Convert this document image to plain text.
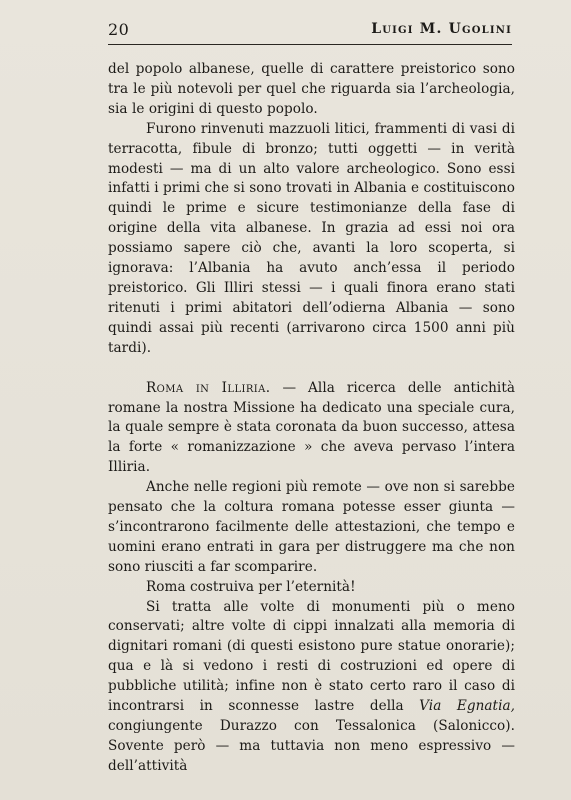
20	Luigi M. Ugolini

del popolo albanese, quelle di carattere preistorico sono tra le più notevoli per quel che riguarda sia l’archeologia, sia le origini di questo popolo.

Furono rinvenuti mazzuoli litici, frammenti di vasi di terracotta, fibule di bronzo; tutti oggetti — in verità modesti — ma di un alto valore archeologico. Sono essi infatti i primi che si sono trovati in Albania e costituiscono quindi le prime e sicure testimonianze della fase di origine della vita albanese. In grazia ad essi noi ora possiamo sapere ciò che, avanti la loro scoperta, si ignorava: l’Albania ha avuto anch’essa il periodo preistorico. Gli Illiri stessi — i quali finora erano stati ritenuti i primi abitatori dell’odierna Albania — sono quindi assai più recenti (arrivarono circa 1500 anni più tardi).

Roma in Illiria. — Alla ricerca delle antichità romane la nostra Missione ha dedicato una speciale cura, la quale sempre è stata coronata da buon successo, attesa la forte « romanizzazione » che aveva pervaso l’intera Illiria.

Anche nelle regioni più remote — ove non si sarebbe pensato che la coltura romana potesse esser giunta — s’incontrarono facilmente delle attestazioni, che tempo e uomini erano entrati in gara per distruggere ma che non sono riusciti a far scomparire.

Roma costruiva per l’eternità!

Si tratta alle volte di monumenti più o meno conservati; altre volte di cippi innalzati alla memoria di dignitari romani (di questi esistono pure statue onorarie); qua e là si vedono i resti di costruzioni ed opere di pubbliche utilità; infine non è stato certo raro il caso di incontrarsi in sconnesse lastre della Via Egnatia, congiungente Durazzo con Tessalonica (Salonicco). Sovente però — ma tuttavia non meno espressivo — dell’attività
